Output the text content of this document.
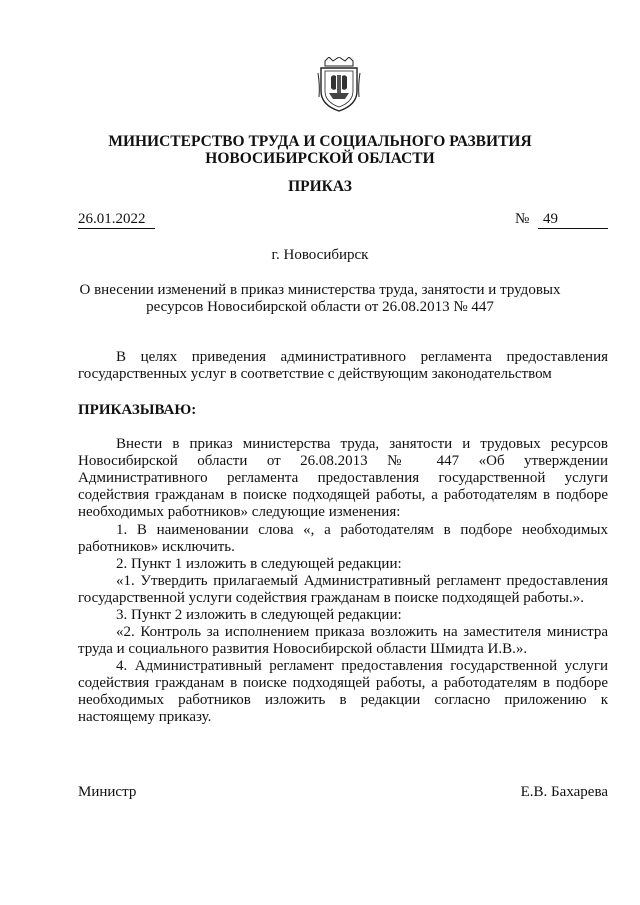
МИНИСТЕРСТВО ТРУДА И СОЦИАЛЬНОГО РАЗВИТИЯ
НОВОСИБИРСКОЙ ОБЛАСТИ
ПРИКАЗ
26.01.2022	№ 49
г. Новосибирск
О внесении изменений в приказ министерства труда, занятости и трудовых
ресурсов Новосибирской области от 26.08.2013 № 447
В целях приведения административного регламента предоставления государственных услуг в соответствие с действующим законодательством
ПРИКАЗЫВАЮ:
Внести в приказ министерства труда, занятости и трудовых ресурсов Новосибирской области от 26.08.2013 № 447 «Об утверждении Административного регламента предоставления государственной услуги содействия гражданам в поиске подходящей работы, а работодателям в подборе необходимых работников» следующие изменения:
1. В наименовании слова «, а работодателям в подборе необходимых работников» исключить.
2. Пункт 1 изложить в следующей редакции:
«1. Утвердить прилагаемый Административный регламент предоставления государственной услуги содействия гражданам в поиске подходящей работы.».
3. Пункт 2 изложить в следующей редакции:
«2. Контроль за исполнением приказа возложить на заместителя министра труда и социального развития Новосибирской области Шмидта И.В.».
4. Административный регламент предоставления государственной услуги содействия гражданам в поиске подходящей работы, а работодателям в подборе необходимых работников изложить в редакции согласно приложению к настоящему приказу.
Министр	Е.В. Бахарева
